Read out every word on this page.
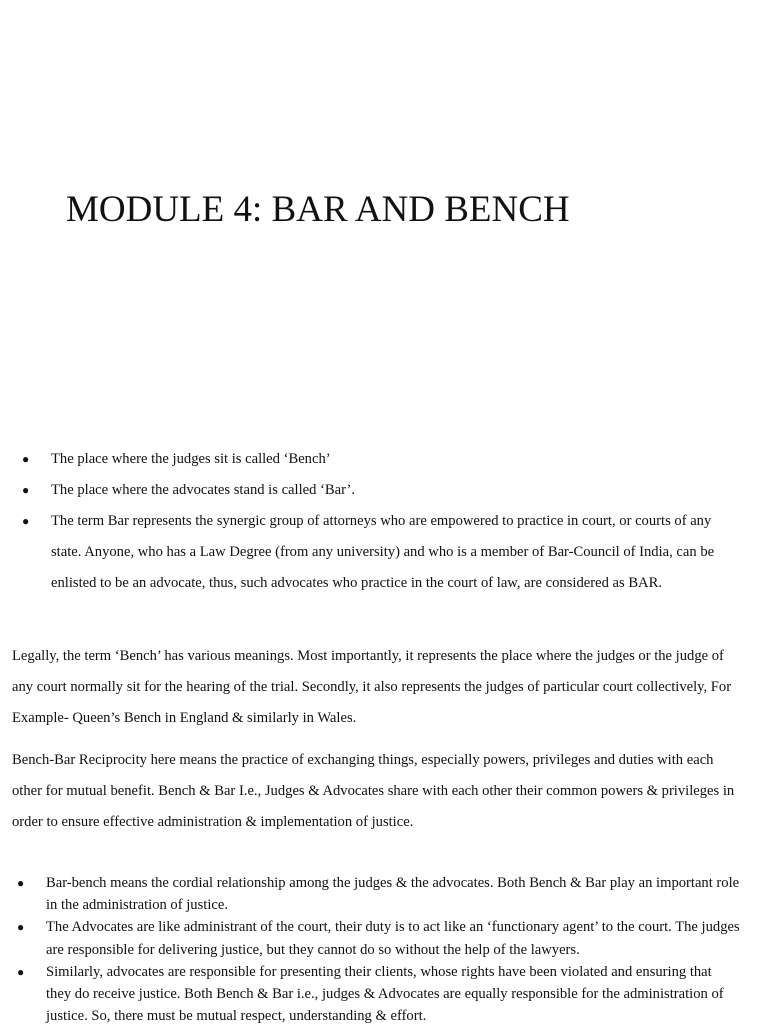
MODULE 4: BAR AND BENCH
● The place where the judges sit is called ‘Bench’
● The place where the advocates stand is called ‘Bar’.
● The term Bar represents the synergic group of attorneys who are empowered to practice in court, or courts of any state. Anyone, who has a Law Degree (from any university) and who is a member of Bar-Council of India, can be enlisted to be an advocate, thus, such advocates who practice in the court of law, are considered as BAR.

Legally, the term ‘Bench’ has various meanings. Most importantly, it represents the place where the judges or the judge of any court normally sit for the hearing of the trial. Secondly, it also represents the judges of particular court collectively, For Example- Queen’s Bench in England & similarly in Wales.

Bench-Bar Reciprocity here means the practice of exchanging things, especially powers, privileges and duties with each other for mutual benefit. Bench & Bar I.e., Judges & Advocates share with each other their common powers & privileges in order to ensure effective administration & implementation of justice.

● Bar-bench means the cordial relationship among the judges & the advocates. Both Bench & Bar play an important role in the administration of justice.
● The Advocates are like administrant of the court, their duty is to act like an ‘functionary agent’ to the court. The judges are responsible for delivering justice, but they cannot do so without the help of the lawyers.
● Similarly, advocates are responsible for presenting their clients, whose rights have been violated and ensuring that they do receive justice. Both Bench & Bar i.e., judges & Advocates are equally responsible for the administration of justice. So, there must be mutual respect, understanding & effort.
